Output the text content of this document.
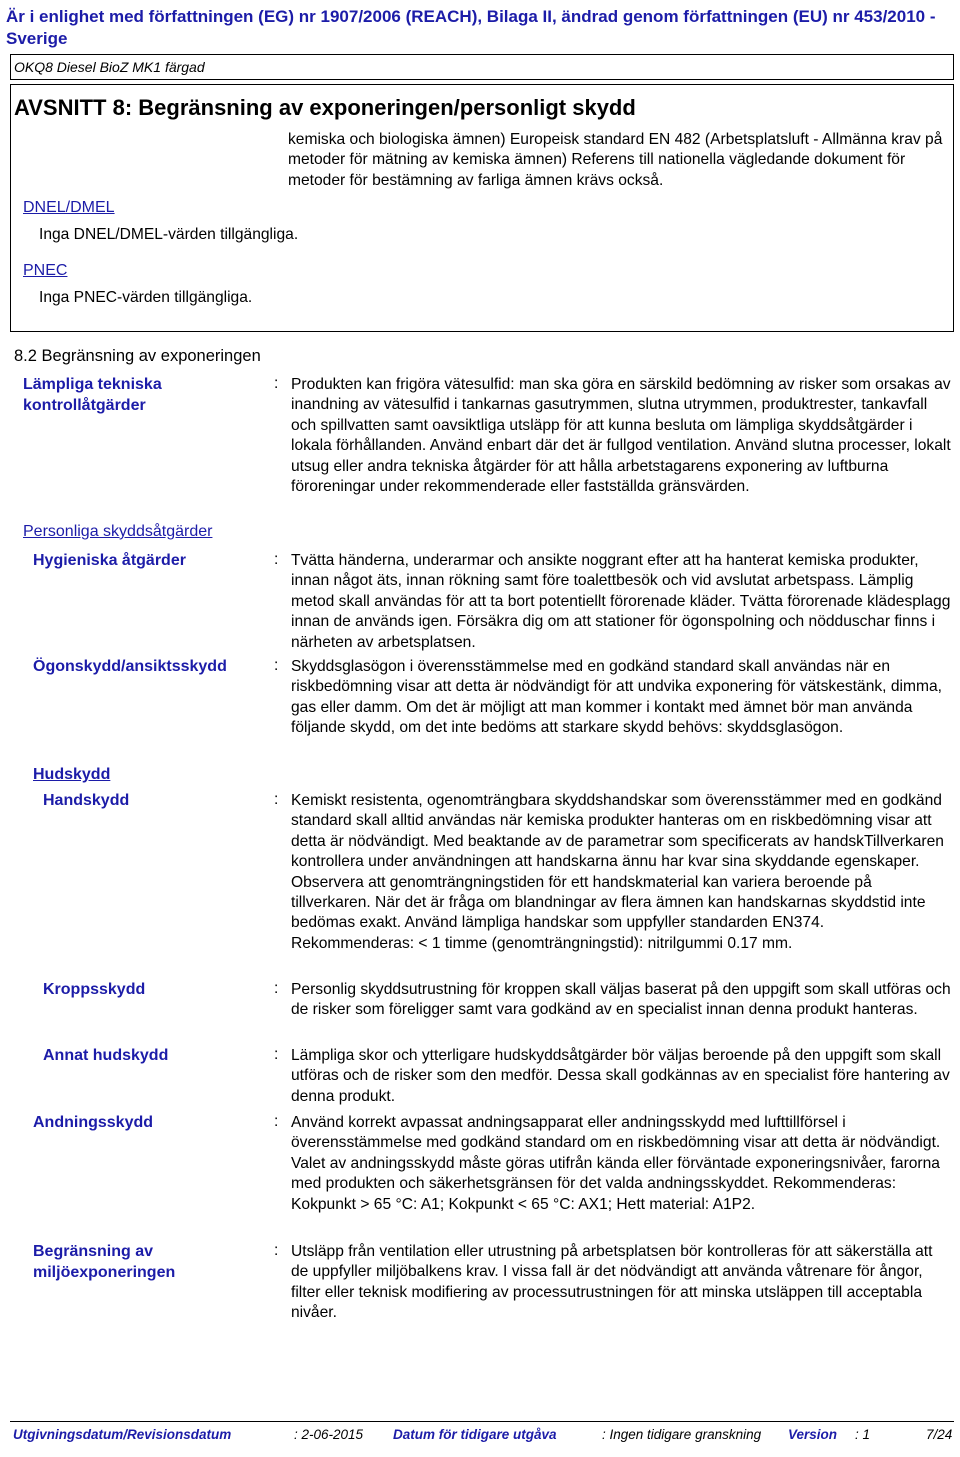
Är i enlighet med författningen (EG) nr 1907/2006 (REACH), Bilaga II, ändrad genom författningen (EU) nr 453/2010 - Sverige
OKQ8 Diesel BioZ MK1 färgad
AVSNITT 8: Begränsning av exponeringen/personligt skydd
kemiska och biologiska ämnen) Europeisk standard EN 482 (Arbetsplatsluft - Allmänna krav på metoder för mätning av kemiska ämnen) Referens till nationella vägledande dokument för metoder för bestämning av farliga ämnen krävs också.
DNEL/DMEL
Inga DNEL/DMEL-värden tillgängliga.
PNEC
Inga PNEC-värden tillgängliga.
8.2 Begränsning av exponeringen
Lämpliga tekniska kontrollåtgärder
: Produkten kan frigöra vätesulfid: man ska göra en särskild bedömning av risker som orsakas av inandning av vätesulfid i tankarnas gasutrymmen, slutna utrymmen, produktrester, tankavfall och spillvatten samt oavsiktliga utsläpp för att kunna besluta om lämpliga skyddsåtgärder i lokala förhållanden. Använd enbart där det är fullgod ventilation. Använd slutna processer, lokalt utsug eller andra tekniska åtgärder för att hålla arbetstagarens exponering av luftburna föroreningar under rekommenderade eller fastställda gränsvärden.
Personliga skyddsåtgärder
Hygieniska åtgärder	: Tvätta händerna, underarmar och ansikte noggrant efter att ha hanterat kemiska produkter, innan något äts, innan rökning samt före toalettbesök och vid avslutat arbetspass. Lämplig metod skall användas för att ta bort potentiellt förorenade kläder. Tvätta förorenade klädesplagg innan de används igen. Försäkra dig om att stationer för ögonspolning och nödduschar finns i närheten av arbetsplatsen.
Ögonskydd/ansiktsskydd	: Skyddsglasögon i överensstämmelse med en godkänd standard skall användas när en riskbedömning visar att detta är nödvändigt för att undvika exponering för vätskestänk, dimma, gas eller damm. Om det är möjligt att man kommer i kontakt med ämnet bör man använda följande skydd, om det inte bedöms att starkare skydd behövs: skyddsglasögon.
Hudskydd
Handskydd	: Kemiskt resistenta, ogenomträngbara skyddshandskar som överensstämmer med en godkänd standard skall alltid användas när kemiska produkter hanteras om en riskbedömning visar att detta är nödvändigt. Med beaktande av de parametrar som specificerats av handskTillverkaren kontrollera under användningen att handskarna ännu har kvar sina skyddande egenskaper. Observera att genomträngningstiden för ett handskmaterial kan variera beroende på tillverkaren. När det är fråga om blandningar av flera ämnen kan handskarnas skyddstid inte bedömas exakt. Använd lämpliga handskar som uppfyller standarden EN374. Rekommenderas: < 1 timme (genomträngningstid): nitrilgummi 0.17 mm.
Kroppsskydd	: Personlig skyddsutrustning för kroppen skall väljas baserat på den uppgift som skall utföras och de risker som föreligger samt vara godkänd av en specialist innan denna produkt hanteras.
Annat hudskydd	: Lämpliga skor och ytterligare hudskyddsåtgärder bör väljas beroende på den uppgift som skall utföras och de risker som den medför. Dessa skall godkännas av en specialist före hantering av denna produkt.
Andningsskydd	: Använd korrekt avpassat andningsapparat eller andningsskydd med lufttillförsel i överensstämmelse med godkänd standard om en riskbedömning visar att detta är nödvändigt. Valet av andningsskydd måste göras utifrån kända eller förväntade exponeringsnivåer, farorna med produkten och säkerhetsgränsen för det valda andningsskyddet. Rekommenderas: Kokpunkt > 65 °C: A1; Kokpunkt < 65 °C: AX1; Hett material: A1P2.
Begränsning av miljöexponeringen
: Utsläpp från ventilation eller utrustning på arbetsplatsen bör kontrolleras för att säkerställa att de uppfyller miljöbalkens krav. I vissa fall är det nödvändigt att använda våtrenare för ångor, filter eller teknisk modifiering av processutrustningen för att minska utsläppen till acceptabla nivåer.
Utgivningsdatum/Revisionsdatum	: 2-06-2015 Datum för tidigare utgåva	: Ingen tidigare granskning Version : 1	7/24
